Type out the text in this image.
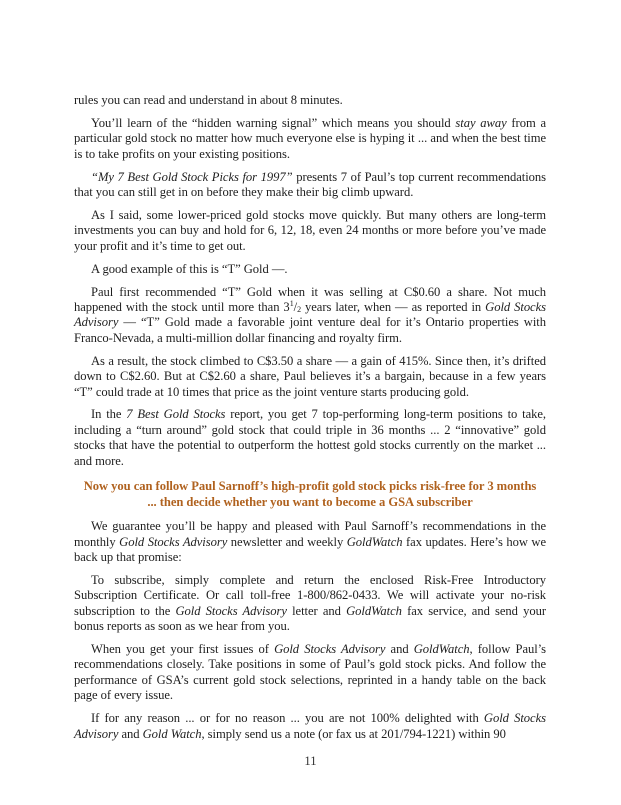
rules you can read and understand in about 8 minutes.

You’ll learn of the “hidden warning signal” which means you should stay away from a particular gold stock no matter how much everyone else is hyping it ... and when the best time is to take profits on your existing positions.

“My 7 Best Gold Stock Picks for 1997” presents 7 of Paul’s top current recommendations that you can still get in on before they make their big climb upward.

As I said, some lower-priced gold stocks move quickly. But many others are long-term investments you can buy and hold for 6, 12, 18, even 24 months or more before you’ve made your profit and it’s time to get out.

A good example of this is “T” Gold —.

Paul first recommended “T” Gold when it was selling at C$0.60 a share. Not much happened with the stock until more than $3^1/2$ years later, when — as reported in Gold Stocks Advisory — “T” Gold made a favorable joint venture deal for it’s Ontario properties with Franco-Nevada, a multi-million dollar financing and royalty firm.

As a result, the stock climbed to C$3.50 a share — a gain of 415%. Since then, it’s drifted down to C$2.60. But at C$2.60 a share, Paul believes it’s a bargain, because in a few years “T” could trade at 10 times that price as the joint venture starts producing gold.

In the 7 Best Gold Stocks report, you get 7 top-performing long-term positions to take, including a “turn around” gold stock that could triple in 36 months ... 2 “innovative” gold stocks that have the potential to outperform the hottest gold stocks currently on the market ... and more.

Now you can follow Paul Sarnoff’s high-profit gold stock picks risk-free for 3 months ... then decide whether you want to become a GSA subscriber

We guarantee you’ll be happy and pleased with Paul Sarnoff’s recommendations in the monthly Gold Stocks Advisory newsletter and weekly GoldWatch fax updates. Here’s how we back up that promise:

To subscribe, simply complete and return the enclosed Risk-Free Introductory Subscription Certificate. Or call toll-free 1-800/862-0433. We will activate your no-risk subscription to the Gold Stocks Advisory letter and GoldWatch fax service, and send your bonus reports as soon as we hear from you.

When you get your first issues of Gold Stocks Advisory and GoldWatch, follow Paul’s recommendations closely. Take positions in some of Paul’s gold stock picks. And follow the performance of GSA’s current gold stock selections, reprinted in a handy table on the back page of every issue.

If for any reason ... or for no reason ... you are not 100% delighted with Gold Stocks Advisory and Gold Watch, simply send us a note (or fax us at 201/794-1221) within 90

11
